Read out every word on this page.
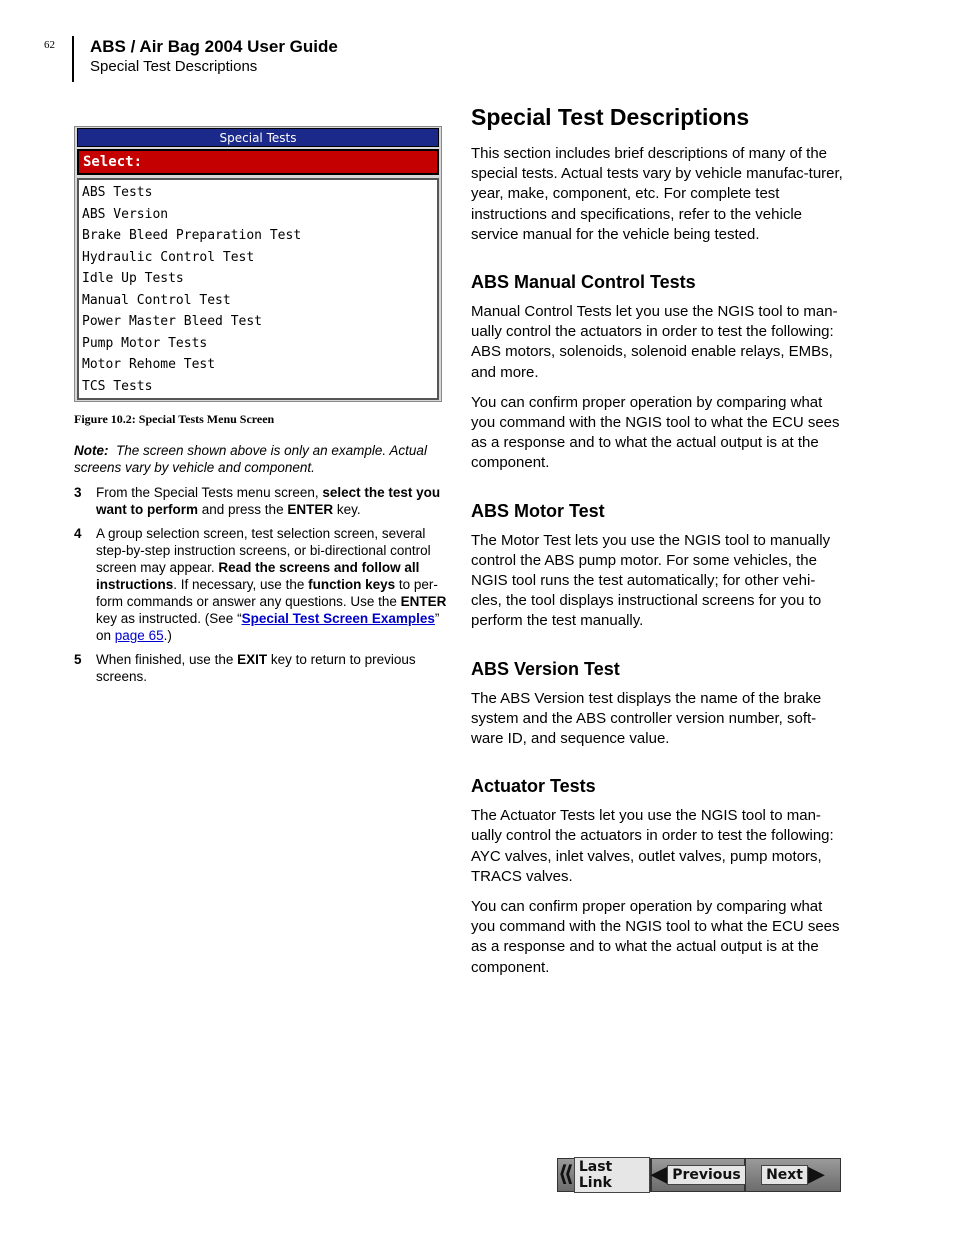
62 ABS / Air Bag 2004 User Guide
Special Test Descriptions
Special Tests
Select:
ABS Tests
ABS Version
Brake Bleed Preparation Test
Hydraulic Control Test
Idle Up Tests
Manual Control Test
Power Master Bleed Test
Pump Motor Tests
Motor Rehome Test
TCS Tests
Figure 10.2: Special Tests Menu Screen
Note: The screen shown above is only an example. Actual screens vary by vehicle and component.
3 From the Special Tests menu screen, select the test you want to perform and press the ENTER key.
4 A group selection screen, test selection screen, several step-by-step instruction screens, or bi-directional control screen may appear. Read the screens and follow all instructions. If necessary, use the function keys to per-form commands or answer any questions. Use the ENTER key as instructed. (See “Special Test Screen Examples” on page 65.)
5 When finished, use the EXIT key to return to previous screens.
Special Test Descriptions
This section includes brief descriptions of many of the special tests. Actual tests vary by vehicle manufac-turer, year, make, component, etc. For complete test instructions and specifications, refer to the vehicle service manual for the vehicle being tested.
ABS Manual Control Tests
Manual Control Tests let you use the NGIS tool to man-ually control the actuators in order to test the following: ABS motors, solenoids, solenoid enable relays, EMBs, and more.
You can confirm proper operation by comparing what you command with the NGIS tool to what the ECU sees as a response and to what the actual output is at the component.
ABS Motor Test
The Motor Test lets you use the NGIS tool to manually control the ABS pump motor. For some vehicles, the NGIS tool runs the test automatically; for other vehi-cles, the tool displays instructional screens for you to perform the test manually.
ABS Version Test
The ABS Version test displays the name of the brake system and the ABS controller version number, soft-ware ID, and sequence value.
Actuator Tests
The Actuator Tests let you use the NGIS tool to man-ually control the actuators in order to test the following: AYC valves, inlet valves, outlet valves, pump motors, TRACS valves.
You can confirm proper operation by comparing what you command with the NGIS tool to what the ECU sees as a response and to what the actual output is at the component.
⟪ Last Link	◀ Previous	Next ▶
